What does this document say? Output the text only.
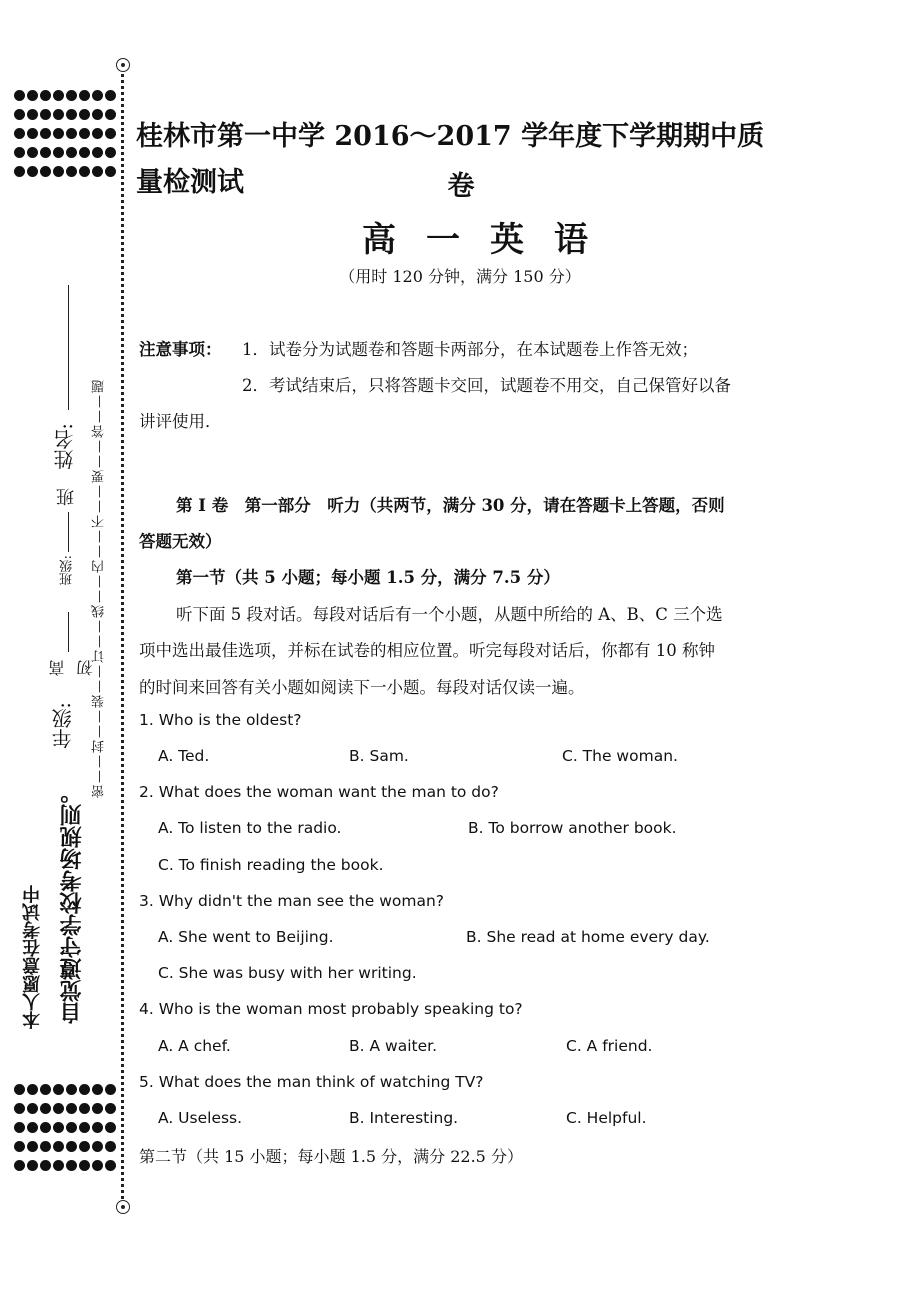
姓名:
班
班级:
年级:
高 初
本人愿意在考试中 自觉遵守学校考场规则。
密——封——装——订——线——内——不——要——答——题
桂林市第一中学 2016～2017 学年度下学期期中质量检测试	卷
高一英语
（用时 120 分钟，满分 150 分）
注意事项： 1．试卷分为试题卷和答题卡两部分，在本试题卷上作答无效；
2．考试结束后，只将答题卡交回，试题卷不用交，自己保管好以备
讲评使用．
第 I 卷　第一部分　听力（共两节，满分 30 分，请在答题卡上答题，否则
答题无效）
第一节（共 5 小题；每小题 1.5 分，满分 7.5 分）
听下面 5 段对话。每段对话后有一个小题，从题中所给的 A、B、C 三个选
项中选出最佳选项，并标在试卷的相应位置。听完每段对话后，你都有 10 称钟
的时间来回答有关小题如阅读下一小题。每段对话仅读一遍。
1. Who is the oldest?
A. Ted.	B. Sam.	C. The woman.
2. What does the woman want the man to do?
A. To listen to the radio.	B. To borrow another book.
C. To finish reading the book.
3. Why didn't the man see the woman?
A. She went to Beijing.	B. She read at home every day.
C. She was busy with her writing.
4. Who is the woman most probably speaking to?
A. A chef.	B. A waiter.	C. A friend.
5. What does the man think of watching TV?
A. Useless.	B. Interesting.	C. Helpful.
第二节（共 15 小题；每小题 1.5 分，满分 22.5 分）
